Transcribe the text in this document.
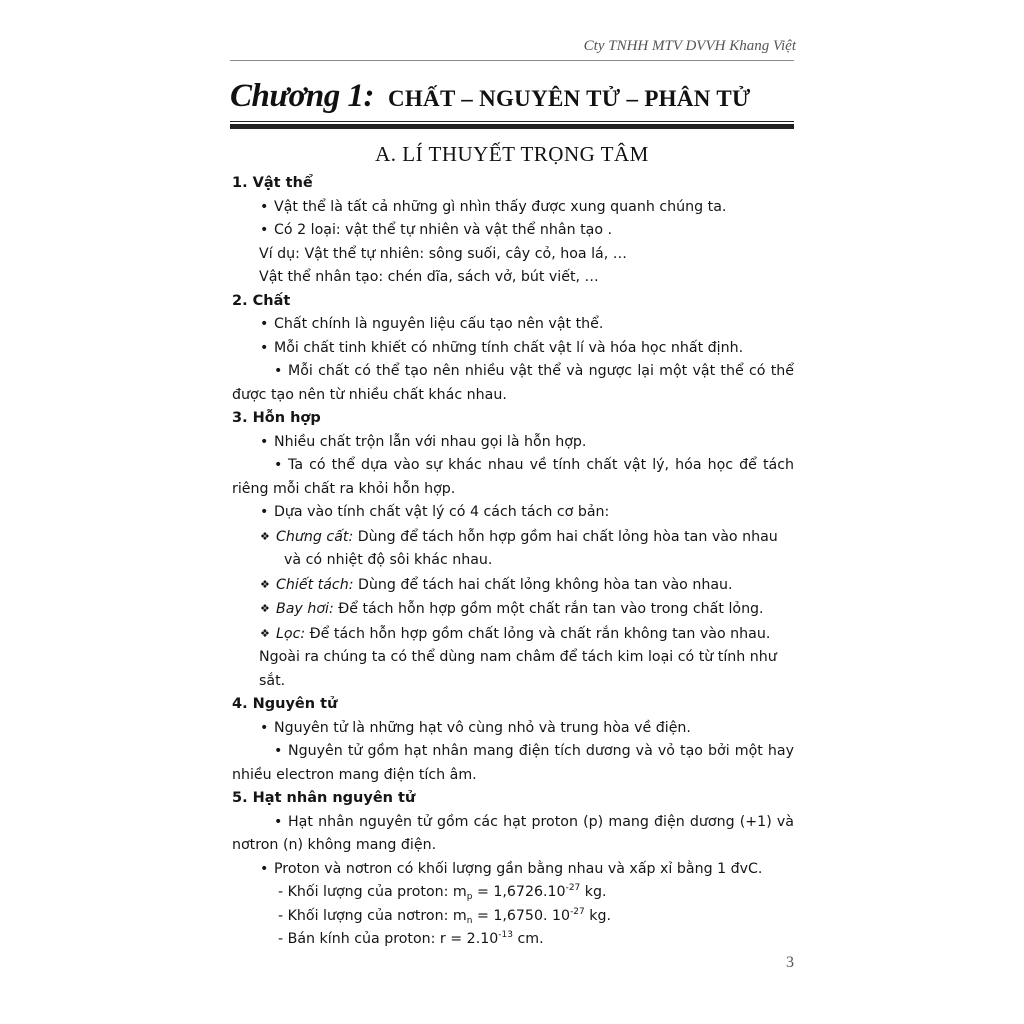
Cty TNHH MTV DVVH Khang Việt
Chương 1: CHẤT – NGUYÊN TỬ – PHÂN TỬ
A. LÍ THUYẾT TRỌNG TÂM
1. Vật thể
• Vật thể là tất cả những gì nhìn thấy được xung quanh chúng ta.
• Có 2 loại: vật thể tự nhiên và vật thể nhân tạo .
Ví dụ: Vật thể tự nhiên: sông suối, cây cỏ, hoa lá, …
Vật thể nhân tạo: chén dĩa, sách vở, bút viết, …
2. Chất
• Chất chính là nguyên liệu cấu tạo nên vật thể.
• Mỗi chất tinh khiết có những tính chất vật lí và hóa học nhất định.
• Mỗi chất có thể tạo nên nhiều vật thể và ngược lại một vật thể có thể được tạo nên từ nhiều chất khác nhau.
3. Hỗn hợp
• Nhiều chất trộn lẫn với nhau gọi là hỗn hợp.
• Ta có thể dựa vào sự khác nhau về tính chất vật lý, hóa học để tách riêng mỗi chất ra khỏi hỗn hợp.
• Dựa vào tính chất vật lý có 4 cách tách cơ bản:
❖ Chưng cất: Dùng để tách hỗn hợp gồm hai chất lỏng hòa tan vào nhau và có nhiệt độ sôi khác nhau.
❖ Chiết tách: Dùng để tách hai chất lỏng không hòa tan vào nhau.
❖ Bay hơi: Để tách hỗn hợp gồm một chất rắn tan vào trong chất lỏng.
❖ Lọc: Để tách hỗn hợp gồm chất lỏng và chất rắn không tan vào nhau.
Ngoài ra chúng ta có thể dùng nam châm để tách kim loại có từ tính như sắt.
4. Nguyên tử
• Nguyên tử là những hạt vô cùng nhỏ và trung hòa về điện.
• Nguyên tử gồm hạt nhân mang điện tích dương và vỏ tạo bởi một hay nhiều electron mang điện tích âm.
5. Hạt nhân nguyên tử
• Hạt nhân nguyên tử gồm các hạt proton (p) mang điện dương (+1) và nơtron (n) không mang điện.
• Proton và nơtron có khối lượng gần bằng nhau và xấp xỉ bằng 1 đvC.
- Khối lượng của proton: $m_p = 1,6726.10^{-27}$ kg.
- Khối lượng của nơtron: $m_n = 1,6750$. $10^{-27}$ kg.
- Bán kính của proton: $r = 2.10^{-13}$ cm.
3
